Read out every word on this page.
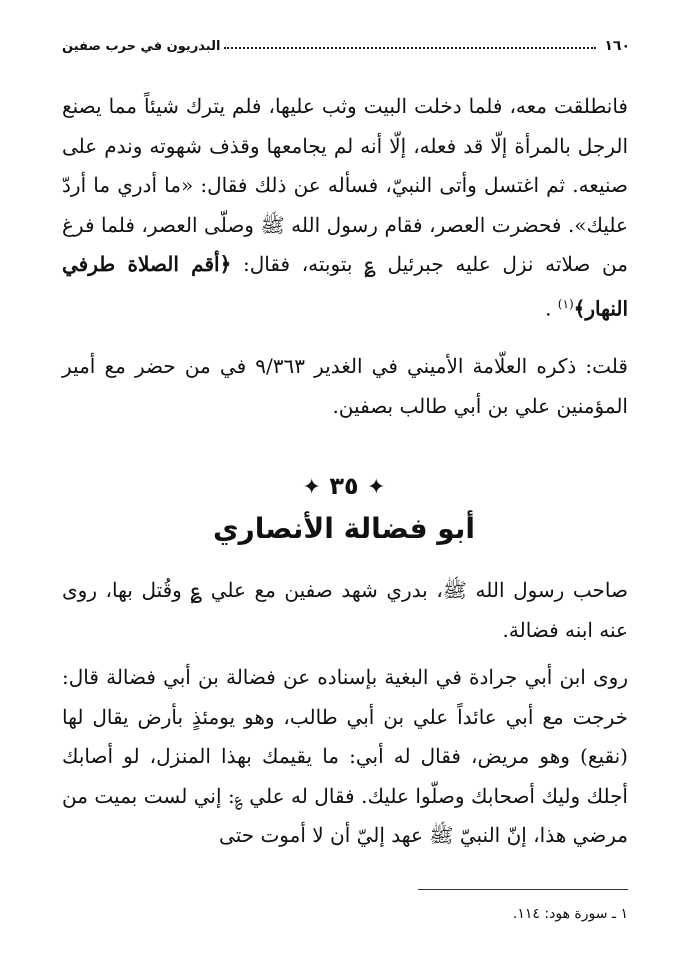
١٦٠
البدريون في حرب صفين

فانطلقت معه، فلما دخلت البيت وثب عليها، فلم يترك شيئاً مما يصنع الرجل بالمرأة إلّا قد فعله، إلّا أنه لم يجامعها وقذف شهوته وندم على صنيعه. ثم اغتسل وأتى النبيّ، فسأله عن ذلك فقال: «ما أدري ما أردّ عليك». فحضرت العصر، فقام رسول الله ﷺ وصلّى العصر، فلما فرغ من صلاته نزل عليه جبرئيل ؏ بتوبته، فقال: ﴿أقم الصلاة طرفي النهار﴾$^{(١)}$ .

قلت: ذكره العلّامة الأميني في الغدير ٩/٣٦٣ في من حضر مع أمير المؤمنين علي بن أبي طالب بصفين.

✦ ٣٥ ✦
أبو فضالة الأنصاري

صاحب رسول الله ﷺ، بدري شهد صفين مع علي ؏ وقُتل بها، روى عنه ابنه فضالة.

روى ابن أبي جرادة في البغية بإسناده عن فضالة بن أبي فضالة قال: خرجت مع أبي عائداً علي بن أبي طالب، وهو يومئذٍ بأرض يقال لها (نقيع) وهو مريض، فقال له أبي: ما يقيمك بهذا المنزل، لو أصابك أجلك وليك أصحابك وصلّوا عليك. فقال له علي ؏: إني لست بميت من مرضي هذا، إنّ النبيّ ﷺ عهد إليّ أن لا أموت حتى

١ ـ سورة هود: ١١٤.
